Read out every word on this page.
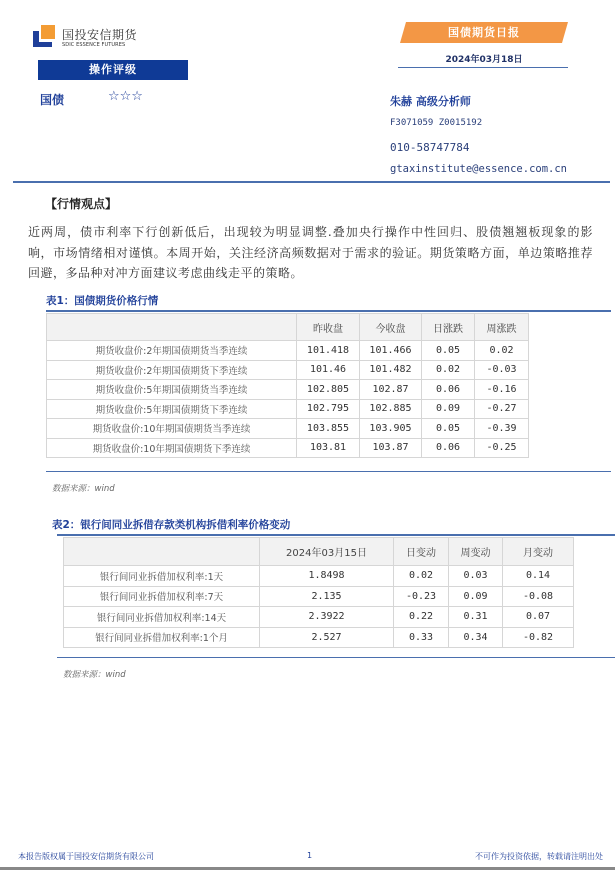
国投安信期货
SDIC ESSENCE FUTURES
操作评级
国债	☆☆☆
国债期货日报
2024年03月18日
朱赫 高级分析师
F3071059 Z0015192
010-58747784
gtaxinstitute@essence.com.cn
【行情观点】
近两周，债市利率下行创新低后，出现较为明显调整.叠加央行操作中性回归、股债翘翘板现象的影响，市场情绪相对谨慎。本周开始，关注经济高频数据对于需求的验证。期货策略方面，单边策略推荐回避，多品种对冲方面建议考虑曲线走平的策略。
表1：国债期货价格行情
	昨收盘	今收盘	日涨跌	周涨跌
期货收盘价:2年期国债期货当季连续	101.418	101.466	0.05	0.02
期货收盘价:2年期国债期货下季连续	101.46	101.482	0.02	-0.03
期货收盘价:5年期国债期货当季连续	102.805	102.87	0.06	-0.16
期货收盘价:5年期国债期货下季连续	102.795	102.885	0.09	-0.27
期货收盘价:10年期国债期货当季连续	103.855	103.905	0.05	-0.39
期货收盘价:10年期国债期货下季连续	103.81	103.87	0.06	-0.25
数据来源：wind
表2：银行间同业拆借存款类机构拆借利率价格变动
	2024年03月15日	日变动	周变动	月变动
银行间同业拆借加权利率:1天	1.8498	0.02	0.03	0.14
银行间同业拆借加权利率:7天	2.135	-0.23	0.09	-0.08
银行间同业拆借加权利率:14天	2.3922	0.22	0.31	0.07
银行间同业拆借加权利率:1个月	2.527	0.33	0.34	-0.82
数据来源：wind
本报告版权属于国投安信期货有限公司	1	不可作为投资依据，转载请注明出处
